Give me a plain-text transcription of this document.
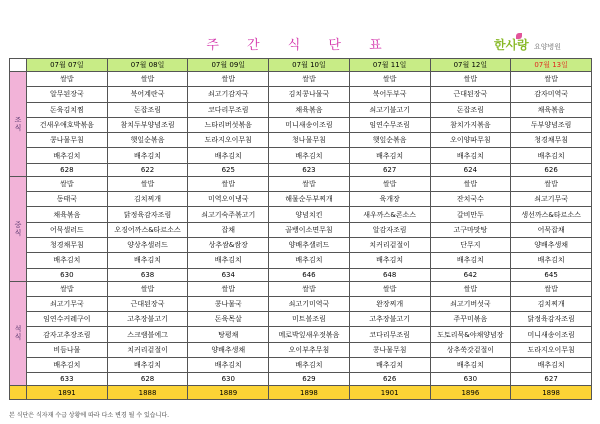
주 간 식 단 표	한사랑 요양병원
	07월 07일	07월 08일	07월 09일	07월 10일	07월 11일	07월 12일	07월 13일

조
식	쌀밥	쌀밥	쌀밥	쌀밥	쌀밥	쌀밥	쌀밥
	알무된장국	북어계란국	쇠고기감자국	김치콩나물국	북어두부국	근대된장국	감자미역국
	돈육김치찜	돈잡조림	코다리무조림	채육볶음	쇠고기불고기	돈잡조림	채육볶음
	건새우애호박볶음	참치두부양념조림	느타리버섯볶음	미니새송이조림	임연수무조림	참치가지볶음	두부양념조림
	콩나물무침	햇잎순볶음	도라지오이무침	청나물무침	햇잎순볶음	오이양파무침	청경채무침
	배추김치	배추김치	배추김치	배추김치	배추김치	배추김치	배추김치
	628	622	625	623	627	624	626

중
식	쌀밥	쌀밥	쌀밥	쌀밥	쌀밥	쌀밥	쌀밥
	동태국	김치찌개	미역오이냉국	해물순두부찌개	육개장	잔치국수	쇠고기무국
	채육볶음	닭정육감자조림	쇠고기숙주볶고기	양념치킨	새우까스&콘소스	갈비만두	생선까스&타르소스
	어묵샐러드	오징어까스&타르소스	잡채	골뱅이소면무침	알감자조림	고구마맛탕	어묵잡채
	청경채무침	양상추샐러드	상추쌈&쌈장	양배추샐러드	치커리겉절이	단무지	양배추생채
	배추김치	배추김치	배추김치	배추김치	배추김치	배추김치	배추김치
	630	638	634	646	648	642	645

석
식	쌀밥	쌀밥	쌀밥	쌀밥	쌀밥	쌀밥	쌀밥
	쇠고기무국	근대된장국	콩나물국	쇠고기미역국	완장찌개	쇠고기버섯국	김치찌개
	임연수커레구이	고추장불고기	돈육목살	미트볼조림	고추장불고기	주꾸미볶음	닭정육감자조림
	감자고추장조림	스크램블에그	탕평채	메로박잎새우젓볶음	코다리무조림	도토리묵&야채양념장	미니새송이조림
	비듬나물	치커리겉절이	양배추생채	오이부추무침	콩나물무침	상추쑥갓겉절이	도라지오이무침
	배추김치	배추김치	배추김치	배추김치	배추김치	배추김치	배추김치
	633	628	630	629	626	630	627
	1891	1888	1889	1898	1901	1896	1898
본 식단은 식자재 수급 상황에 따라 다소 변경 될 수 있습니다.
